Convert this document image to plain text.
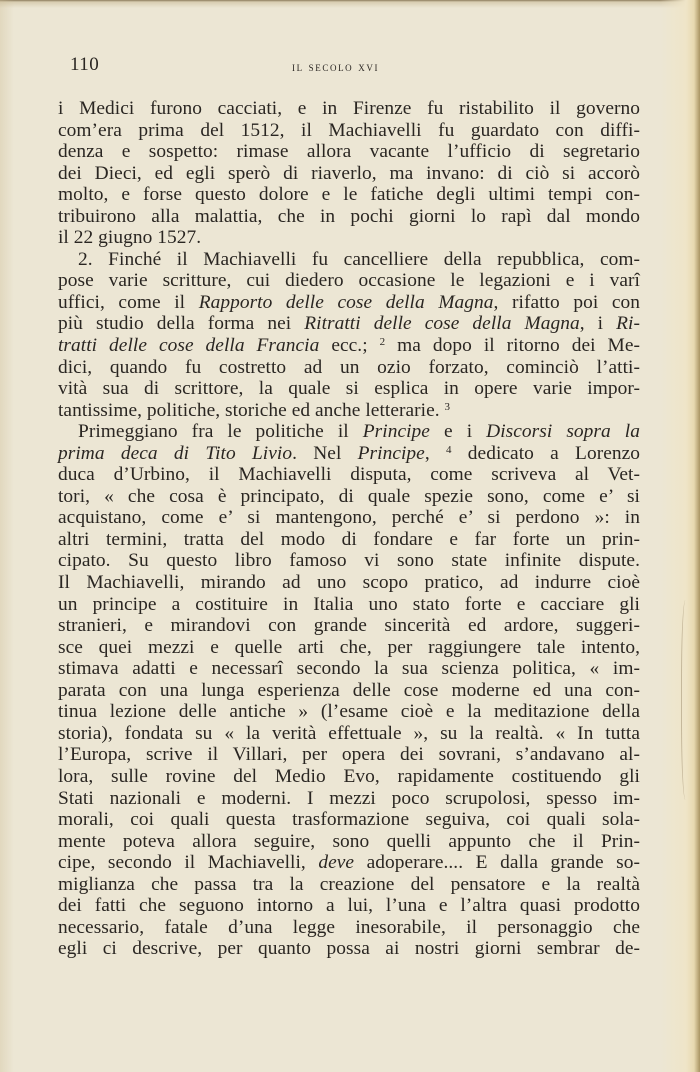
110	il secolo xvi
i Medici furono cacciati, e in Firenze fu ristabilito il governo
com’era prima del 1512, il Machiavelli fu guardato con diffi-
denza e sospetto: rimase allora vacante l’ufficio di segretario
dei Dieci, ed egli sperò di riaverlo, ma invano: di ciò si accorò
molto, e forse questo dolore e le fatiche degli ultimi tempi con-
tribuirono alla malattia, che in pochi giorni lo rapì dal mondo
il 22 giugno 1527.
2. Finché il Machiavelli fu cancelliere della repubblica, com-
pose varie scritture, cui diedero occasione le legazioni e i varî
uffici, come il Rapporto delle cose della Magna, rifatto poi con
più studio della forma nei Ritratti delle cose della Magna, i Ri-
tratti delle cose della Francia ecc.; $^2$ ma dopo il ritorno dei Me-
dici, quando fu costretto ad un ozio forzato, cominciò l’atti-
vità sua di scrittore, la quale si esplica in opere varie impor-
tantissime, politiche, storiche ed anche letterarie. $^3$
Primeggiano fra le politiche il Principe e i Discorsi sopra la
prima deca di Tito Livio. Nel Principe, $^4$ dedicato a Lorenzo
duca d’Urbino, il Machiavelli disputa, come scriveva al Vet-
tori, « che cosa è principato, di quale spezie sono, come e’ si
acquistano, come e’ si mantengono, perché e’ si perdono »: in
altri termini, tratta del modo di fondare e far forte un prin-
cipato. Su questo libro famoso vi sono state infinite dispute.
Il Machiavelli, mirando ad uno scopo pratico, ad indurre cioè
un principe a costituire in Italia uno stato forte e cacciare gli
stranieri, e mirandovi con grande sincerità ed ardore, suggeri-
sce quei mezzi e quelle arti che, per raggiungere tale intento,
stimava adatti e necessarî secondo la sua scienza politica, « im-
parata con una lunga esperienza delle cose moderne ed una con-
tinua lezione delle antiche » (l’esame cioè e la meditazione della
storia), fondata su « la verità effettuale », su la realtà. « In tutta
l’Europa, scrive il Villari, per opera dei sovrani, s’andavano al-
lora, sulle rovine del Medio Evo, rapidamente costituendo gli
Stati nazionali e moderni. I mezzi poco scrupolosi, spesso im-
morali, coi quali questa trasformazione seguiva, coi quali sola-
mente poteva allora seguire, sono quelli appunto che il Prin-
cipe, secondo il Machiavelli, deve adoperare.... E dalla grande so-
miglianza che passa tra la creazione del pensatore e la realtà
dei fatti che seguono intorno a lui, l’una e l’altra quasi prodotto
necessario, fatale d’una legge inesorabile, il personaggio che
egli ci descrive, per quanto possa ai nostri giorni sembrar de-
